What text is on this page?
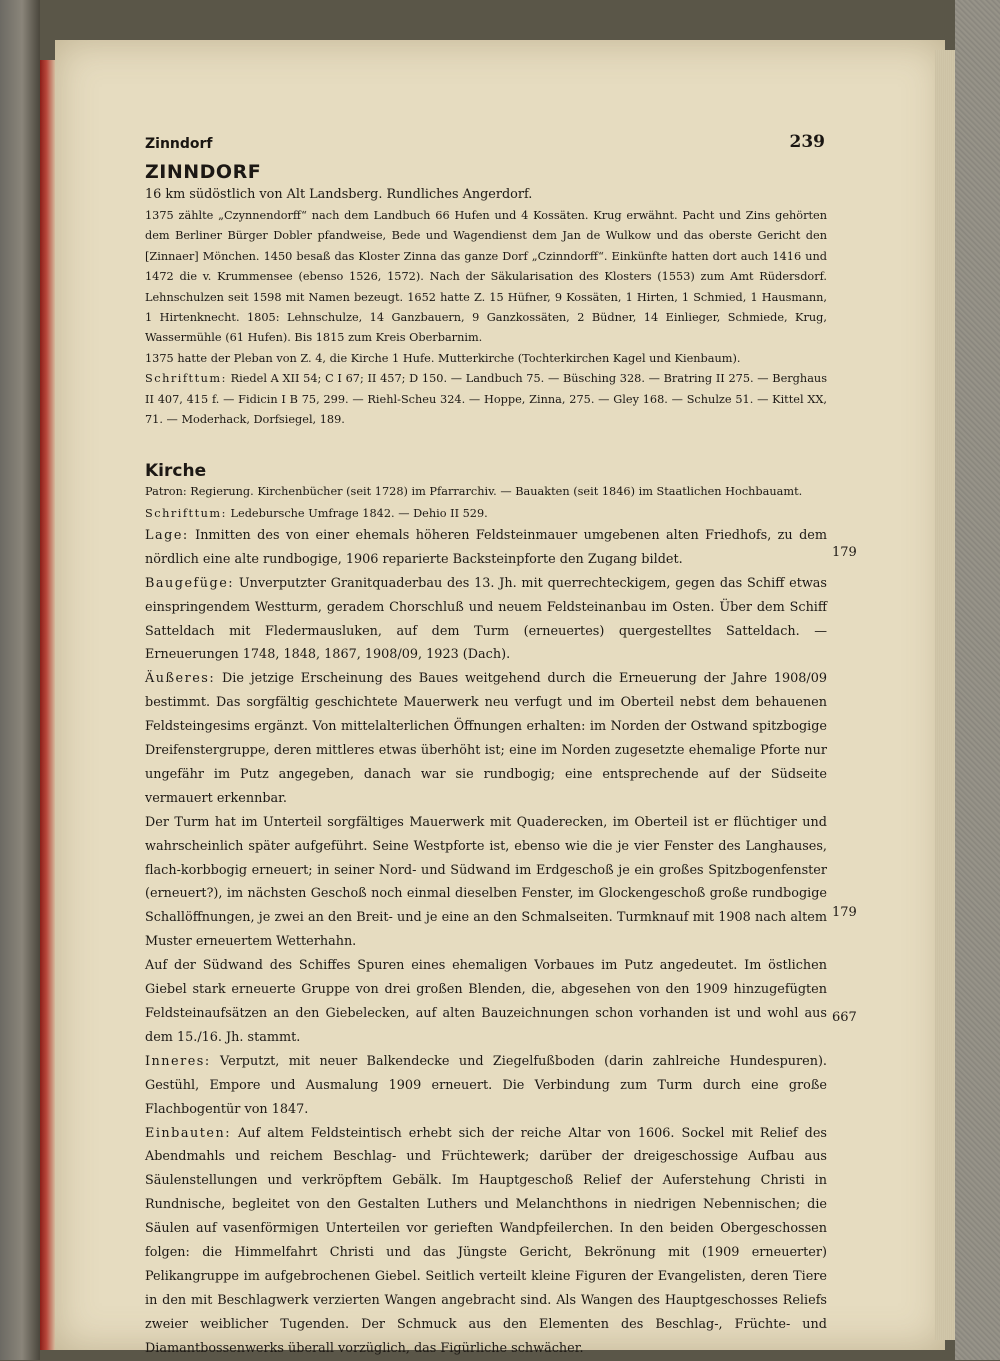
Zinndorf	239
ZINNDORF

16 km südöstlich von Alt Landsberg. Rundliches Angerdorf.

1375 zählte „Czynnendorff“ nach dem Landbuch 66 Hufen und 4 Kossäten. Krug erwähnt. Pacht und Zins gehörten dem Berliner Bürger Dobler pfandweise, Bede und Wagendienst dem Jan de Wulkow und das oberste Gericht den [Zinnaer] Mönchen. 1450 besaß das Kloster Zinna das ganze Dorf „Czinndorff“. Einkünfte hatten dort auch 1416 und 1472 die v. Krummensee (ebenso 1526, 1572). Nach der Säkularisation des Klosters (1553) zum Amt Rüdersdorf. Lehnschulzen seit 1598 mit Namen bezeugt. 1652 hatte Z. 15 Hüfner, 9 Kossäten, 1 Hirten, 1 Schmied, 1 Hausmann, 1 Hirtenknecht. 1805: Lehnschulze, 14 Ganzbauern, 9 Ganzkossäten, 2 Büdner, 14 Einlieger, Schmiede, Krug, Wassermühle (61 Hufen). Bis 1815 zum Kreis Oberbarnim.

1375 hatte der Pleban von Z. 4, die Kirche 1 Hufe. Mutterkirche (Tochterkirchen Kagel und Kienbaum).

Schrifttum: Riedel A XII 54; C I 67; II 457; D 150. — Landbuch 75. — Büsching 328. — Bratring II 275. — Berghaus II 407, 415 f. — Fidicin I B 75, 299. — Riehl-Scheu 324. — Hoppe, Zinna, 275. — Gley 168. — Schulze 51. — Kittel XX, 71. — Moderhack, Dorfsiegel, 189.

Kirche

Patron: Regierung. Kirchenbücher (seit 1728) im Pfarrarchiv. — Bauakten (seit 1846) im Staatlichen Hochbauamt.

Schrifttum: Ledebursche Umfrage 1842. — Dehio II 529.

Lage: Inmitten des von einer ehemals höheren Feldsteinmauer umgebenen alten Friedhofs, zu dem nördlich eine alte rundbogige, 1906 reparierte Backsteinpforte den Zugang bildet.

Baugefüge: Unverputzter Granitquaderbau des 13. Jh. mit querrechteckigem, gegen das Schiff etwas einspringendem Westturm, geradem Chorschluß und neuem Feldsteinanbau im Osten. Über dem Schiff Satteldach mit Fledermausluken, auf dem Turm (erneuertes) quergestelltes Satteldach. — Erneuerungen 1748, 1848, 1867, 1908/09, 1923 (Dach).

Äußeres: Die jetzige Erscheinung des Baues weitgehend durch die Erneuerung der Jahre 1908/09 bestimmt. Das sorgfältig geschichtete Mauerwerk neu verfugt und im Oberteil nebst dem behauenen Feldsteingesims ergänzt. Von mittelalterlichen Öffnungen erhalten: im Norden der Ostwand spitzbogige Dreifenstergruppe, deren mittleres etwas überhöht ist; eine im Norden zugesetzte ehemalige Pforte nur ungefähr im Putz angegeben, danach war sie rundbogig; eine entsprechende auf der Südseite vermauert erkennbar.

Der Turm hat im Unterteil sorgfältiges Mauerwerk mit Quaderecken, im Oberteil ist er flüchtiger und wahrscheinlich später aufgeführt. Seine Westpforte ist, ebenso wie die je vier Fenster des Langhauses, flach-korbbogig erneuert; in seiner Nord- und Südwand im Erdgeschoß je ein großes Spitzbogenfenster (erneuert?), im nächsten Geschoß noch einmal dieselben Fenster, im Glockengeschoß große rundbogige Schallöffnungen, je zwei an den Breit- und je eine an den Schmalseiten. Turmknauf mit 1908 nach altem Muster erneuertem Wetterhahn.

Auf der Südwand des Schiffes Spuren eines ehemaligen Vorbaues im Putz angedeutet. Im östlichen Giebel stark erneuerte Gruppe von drei großen Blenden, die, abgesehen von den 1909 hinzugefügten Feldsteinaufsätzen an den Giebelecken, auf alten Bauzeichnungen schon vorhanden ist und wohl aus dem 15./16. Jh. stammt.

Inneres: Verputzt, mit neuer Balkendecke und Ziegelfußboden (darin zahlreiche Hundespuren). Gestühl, Empore und Ausmalung 1909 erneuert. Die Verbindung zum Turm durch eine große Flachbogentür von 1847.

Einbauten: Auf altem Feldsteintisch erhebt sich der reiche Altar von 1606. Sockel mit Relief des Abendmahls und reichem Beschlag- und Früchtewerk; darüber der dreigeschossige Aufbau aus Säulenstellungen und verkröpftem Gebälk. Im Hauptgeschoß Relief der Auferstehung Christi in Rundnische, begleitet von den Gestalten Luthers und Melanchthons in niedrigen Nebennischen; die Säulen auf vasenförmigen Unterteilen vor gerieften Wandpfeilerchen. In den beiden Obergeschossen folgen: die Himmelfahrt Christi und das Jüngste Gericht, Bekrönung mit (1909 erneuerter) Pelikangruppe im aufgebrochenen Giebel. Seitlich verteilt kleine Figuren der Evangelisten, deren Tiere in den mit Beschlagwerk verzierten Wangen angebracht sind. Als Wangen des Hauptgeschosses Reliefs zweier weiblicher Tugenden. Der Schmuck aus den Elementen des Beschlag-, Früchte- und Diamantbossenwerks überall vorzüglich, das Figürliche schwächer.

179
179
667
